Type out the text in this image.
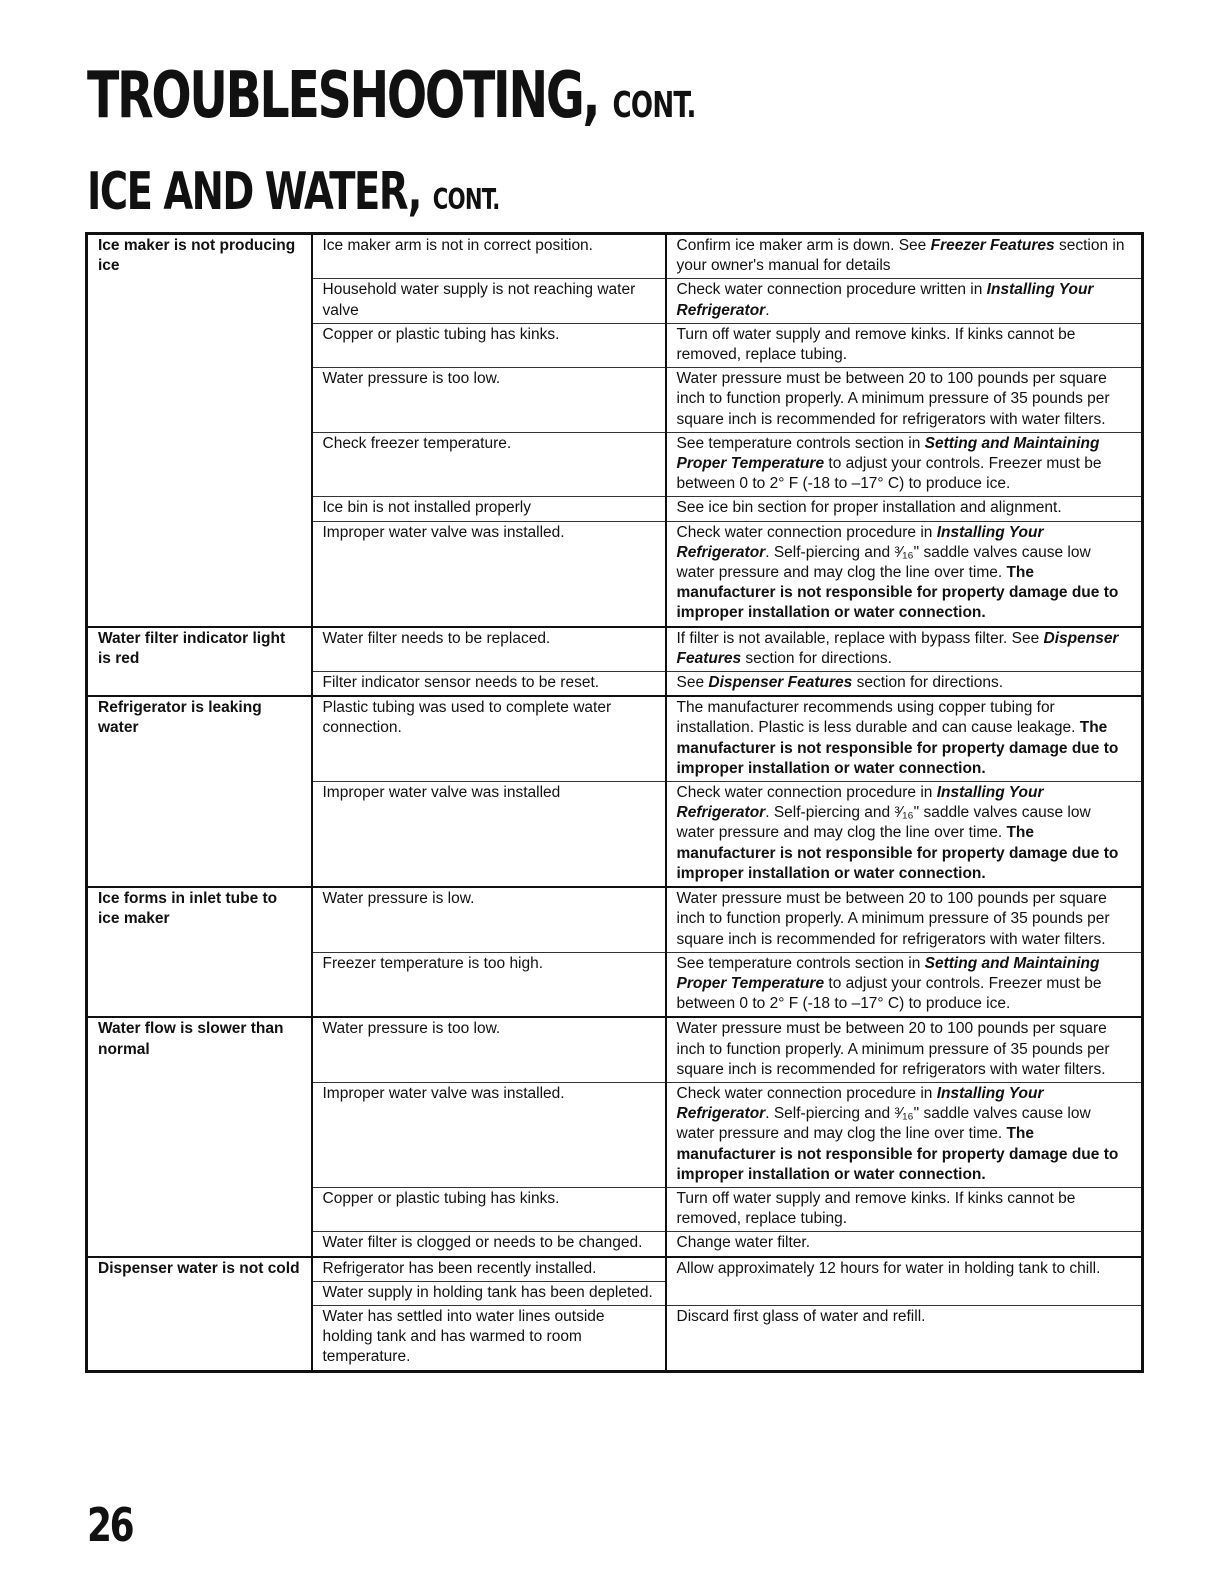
TROUBLESHOOTING, CONT.
ICE AND WATER, CONT.
Ice maker is not producing ice	Ice maker arm is not in correct position.	Confirm ice maker arm is down. See Freezer Features section in your owner's manual for details
	Household water supply is not reaching water valve	Check water connection procedure written in Installing Your Refrigerator.
	Copper or plastic tubing has kinks.	Turn off water supply and remove kinks. If kinks cannot be removed, replace tubing.
	Water pressure is too low.	Water pressure must be between 20 to 100 pounds per square inch to function properly. A minimum pressure of 35 pounds per square inch is recommended for refrigerators with water filters.
	Check freezer temperature.	See temperature controls section in Setting and Maintaining Proper Temperature to adjust your controls. Freezer must be between 0 to 2° F (-18 to –17° C) to produce ice.
	Ice bin is not installed properly	See ice bin section for proper installation and alignment.
	Improper water valve was installed.	Check water connection procedure in Installing Your Refrigerator. Self-piercing and ³⁄₁₆" saddle valves cause low water pressure and may clog the line over time. The manufacturer is not responsible for property damage due to improper installation or water connection.
Water filter indicator light is red	Water filter needs to be replaced.	If filter is not available, replace with bypass filter. See Dispenser Features section for directions.
	Filter indicator sensor needs to be reset.	See Dispenser Features section for directions.
Refrigerator is leaking water	Plastic tubing was used to complete water connection.	The manufacturer recommends using copper tubing for installation. Plastic is less durable and can cause leakage. The manufacturer is not responsible for property damage due to improper installation or water connection.
	Improper water valve was installed	Check water connection procedure in Installing Your Refrigerator. Self-piercing and ³⁄₁₆" saddle valves cause low water pressure and may clog the line over time. The manufacturer is not responsible for property damage due to improper installation or water connection.
Ice forms in inlet tube to ice maker	Water pressure is low.	Water pressure must be between 20 to 100 pounds per square inch to function properly. A minimum pressure of 35 pounds per square inch is recommended for refrigerators with water filters.
	Freezer temperature is too high.	See temperature controls section in Setting and Maintaining Proper Temperature to adjust your controls. Freezer must be between 0 to 2° F (-18 to –17° C) to produce ice.
Water flow is slower than normal	Water pressure is too low.	Water pressure must be between 20 to 100 pounds per square inch to function properly. A minimum pressure of 35 pounds per square inch is recommended for refrigerators with water filters.
	Improper water valve was installed.	Check water connection procedure in Installing Your Refrigerator. Self-piercing and ³⁄₁₆" saddle valves cause low water pressure and may clog the line over time. The manufacturer is not responsible for property damage due to improper installation or water connection.
	Copper or plastic tubing has kinks.	Turn off water supply and remove kinks. If kinks cannot be removed, replace tubing.
	Water filter is clogged or needs to be changed.	Change water filter.
Dispenser water is not cold	Refrigerator has been recently installed.	Allow approximately 12 hours for water in holding tank to chill.
	Water supply in holding tank has been depleted.	
	Water has settled into water lines outside holding tank and has warmed to room temperature.	Discard first glass of water and refill.
26
